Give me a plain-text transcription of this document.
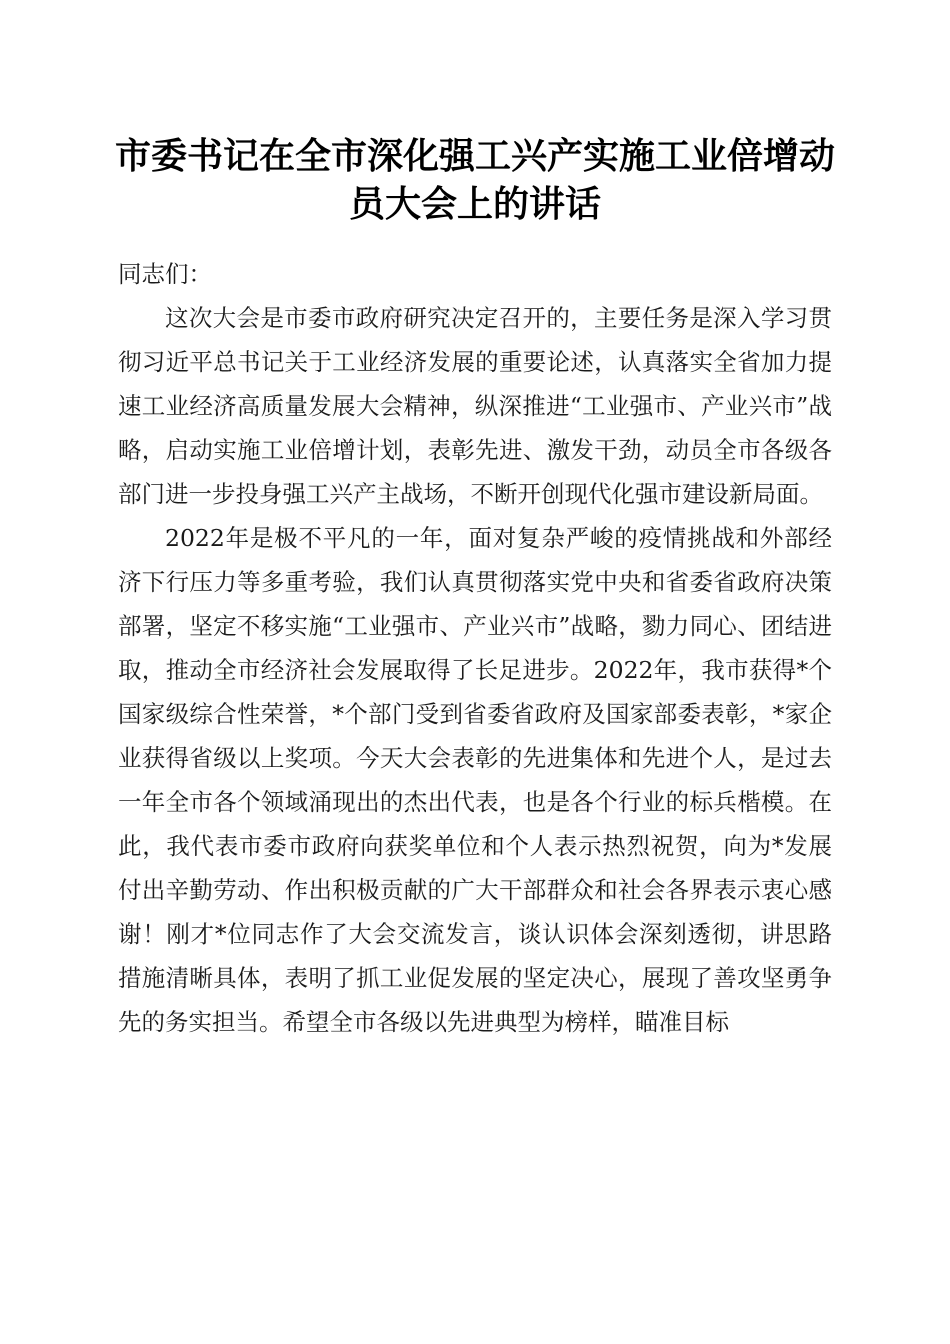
市委书记在全市深化强工兴产实施工业倍增动员大会上的讲话

同志们：

这次大会是市委市政府研究决定召开的，主要任务是深入学习贯彻习近平总书记关于工业经济发展的重要论述，认真落实全省加力提速工业经济高质量发展大会精神，纵深推进“工业强市、产业兴市”战略，启动实施工业倍增计划，表彰先进、激发干劲，动员全市各级各部门进一步投身强工兴产主战场，不断开创现代化强市建设新局面。

2022年是极不平凡的一年，面对复杂严峻的疫情挑战和外部经济下行压力等多重考验，我们认真贯彻落实党中央和省委省政府决策部署，坚定不移实施“工业强市、产业兴市”战略，勠力同心、团结进取，推动全市经济社会发展取得了长足进步。2022年，我市获得*个国家级综合性荣誉，*个部门受到省委省政府及国家部委表彰，*家企业获得省级以上奖项。今天大会表彰的先进集体和先进个人，是过去一年全市各个领域涌现出的杰出代表，也是各个行业的标兵楷模。在此，我代表市委市政府向获奖单位和个人表示热烈祝贺，向为*发展付出辛勤劳动、作出积极贡献的广大干部群众和社会各界表示衷心感谢！刚才*位同志作了大会交流发言，谈认识体会深刻透彻，讲思路措施清晰具体，表明了抓工业促发展的坚定决心，展现了善攻坚勇争先的务实担当。希望全市各级以先进典型为榜样，瞄准目标
